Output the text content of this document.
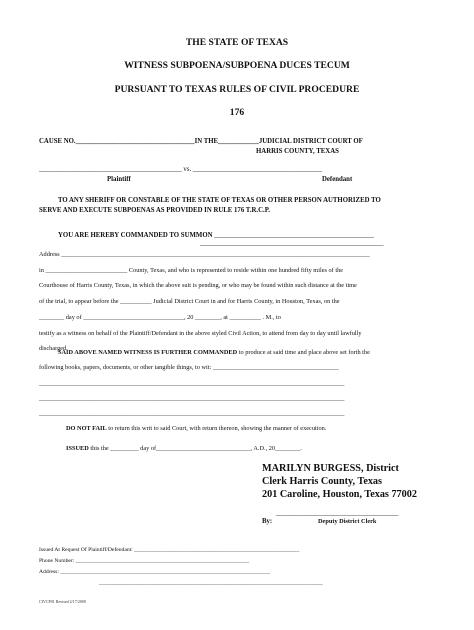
THE STATE OF TEXAS
WITNESS SUBPOENA/SUBPOENA DUCES TECUM
PURSUANT TO TEXAS RULES OF CIVIL PROCEDURE
176
CAUSE NO.___________________________________IN THE____________JUDICIAL DISTRICT COURT OF
HARRIS COUNTY, TEXAS
__________________________________________ vs. ______________________________________
Plaintiff	Defendant
TO ANY SHERIFF OR CONSTABLE OF THE STATE OF TEXAS OR OTHER PERSON AUTHORIZED TO
SERVE AND EXECUTE SUBPOENAS AS PROVIDED IN RULE 176 T.R.C.P.
YOU ARE HEREBY COMMANDED TO SUMMON _______________________________________________
______________________________________________________
Address __________________________________________________________________________________________________
in __________________________ County, Texas, and who is represented to reside within one hundred fifty miles of the
Courthouse of Harris County, Texas, in which the above suit is pending, or who may be found within such distance at the time
of the trial, to appear before the __________ Judicial District Court in and for Harris County, in Houston, Texas, on the
________ day of ________________________________, 20 ________, at __________ . M., to
testify as a witness on behalf of the Plaintiff/Defendant in the above styled Civil Action, to attend from day to day until lawfully
discharged.
SAID ABOVE NAMED WITNESS IS FURTHER COMMANDED to produce at said time and place above set forth the
following books, papers, documents, or other tangible things, to wit: ________________________________________
_________________________________________________________________________________________________
_________________________________________________________________________________________________
_________________________________________________________________________________________________
DO NOT FAIL to return this writ to said Court, with return thereon, showing the manner of execution.
ISSUED this the _________ day of______________________________, A.D., 20________.
MARILYN BURGESS, District
Clerk Harris County, Texas
201 Caroline, Houston, Texas 77002
____________________________________
By:	Deputy District Clerk
Issued At Request Of Plaintiff/Defendant: ___________________________________________________________
Phone Number: ______________________________________________________________
Address: ___________________________________________________________________________
________________________________________________________________________________
CIVCP01 Revised 2/17/2009
